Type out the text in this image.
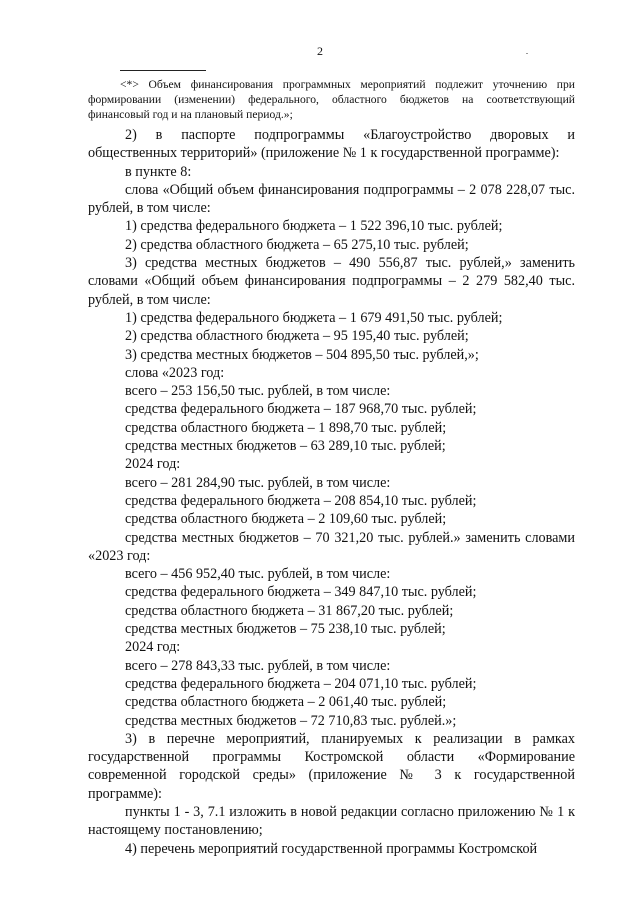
2

<*> Объем финансирования программных мероприятий подлежит уточнению при формировании (изменении) федерального, областного бюджетов на соответствующий финансовый год и на плановый период.»;

2) в паспорте подпрограммы «Благоустройство дворовых и общественных территорий» (приложение № 1 к государственной программе):

в пункте 8:

слова «Общий объем финансирования подпрограммы – 2 078 228,07 тыс. рублей, в том числе:

1) средства федерального бюджета – 1 522 396,10 тыс. рублей;

2) средства областного бюджета – 65 275,10 тыс. рублей;

3) средства местных бюджетов – 490 556,87 тыс. рублей,» заменить словами «Общий объем финансирования подпрограммы – 2 279 582,40 тыс. рублей, в том числе:

1) средства федерального бюджета – 1 679 491,50 тыс. рублей;

2) средства областного бюджета – 95 195,40 тыс. рублей;

3) средства местных бюджетов – 504 895,50 тыс. рублей,»;

слова «2023 год:

всего – 253 156,50 тыс. рублей, в том числе:

средства федерального бюджета – 187 968,70 тыс. рублей;

средства областного бюджета – 1 898,70 тыс. рублей;

средства местных бюджетов – 63 289,10 тыс. рублей;

2024 год:

всего – 281 284,90 тыс. рублей, в том числе:

средства федерального бюджета – 208 854,10 тыс. рублей;

средства областного бюджета – 2 109,60 тыс. рублей;

средства местных бюджетов – 70 321,20 тыс. рублей.» заменить словами «2023 год:

всего – 456 952,40 тыс. рублей, в том числе:

средства федерального бюджета – 349 847,10 тыс. рублей;

средства областного бюджета – 31 867,20 тыс. рублей;

средства местных бюджетов – 75 238,10 тыс. рублей;

2024 год:

всего – 278 843,33 тыс. рублей, в том числе:

средства федерального бюджета – 204 071,10 тыс. рублей;

средства областного бюджета – 2 061,40 тыс. рублей;

средства местных бюджетов – 72 710,83 тыс. рублей.»;

3) в перечне мероприятий, планируемых к реализации в рамках государственной программы Костромской области «Формирование современной городской среды» (приложение № 3 к государственной программе):

пункты 1 - 3, 7.1 изложить в новой редакции согласно приложению № 1 к настоящему постановлению;

4) перечень мероприятий государственной программы Костромской
